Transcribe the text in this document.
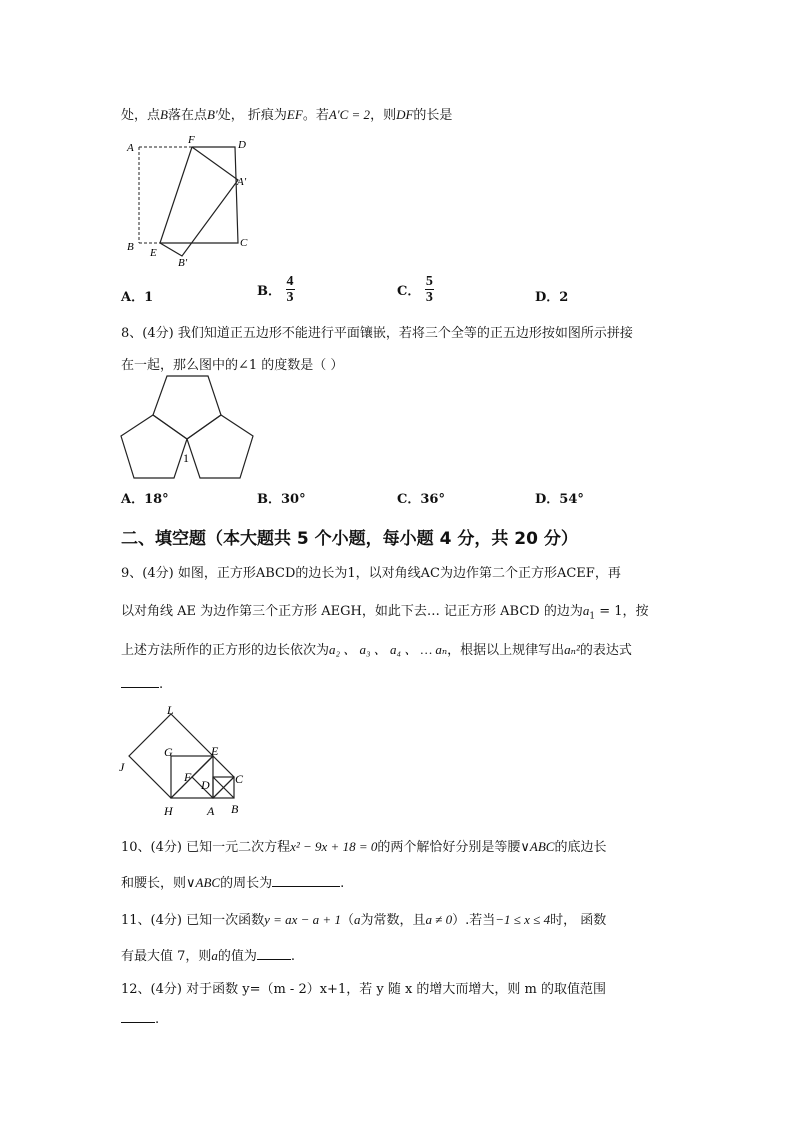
处，点B落在点B′处， 折痕为EF。若A′C = 2，则DF的长是
A
F	D
A′
B E
B′
C
A．1	B． $\frac{4}{3}$	C． $\frac{5}{3}$	D．2
8、(4分) 我们知道正五边形不能进行平面镶嵌，若将三个全等的正五边形按如图所示拼接
在一起，那么图中的∠1 的度数是（ ）
1
A．18°	B．30°	C．36°	D．54°
二、填空题（本大题共 5 个小题，每小题 4 分，共 20 分）
9、(4分) 如图，正方形ABCD的边长为1，以对角线AC为边作第二个正方形ACEF，再
以对角线 AE 为边作第三个正方形 AEGH，如此下去… 记正方形 ABCD 的边为$a_1 = 1$，按
上述方法所作的正方形的边长依次为a₂ 、 a₃ 、 a₄ 、 … aₙ，根据以上规律写出aₙ²的表达式
.
L
G	E
J
F
D C
H	A B
10、(4分) 已知一元二次方程x² − 9x + 18 = 0的两个解恰好分别是等腰∨ABC的底边长
和腰长，则∨ABC的周长为	.
11、(4分) 已知一次函数y = ax − a + 1（a为常数，且a ≠ 0）.若当−1 ≤ x ≤ 4时， 函数
有最大值 7，则a的值为	.
12、(4分) 对于函数 y=（m - 2）x+1，若 y 随 x 的增大而增大，则 m 的取值范围
.
